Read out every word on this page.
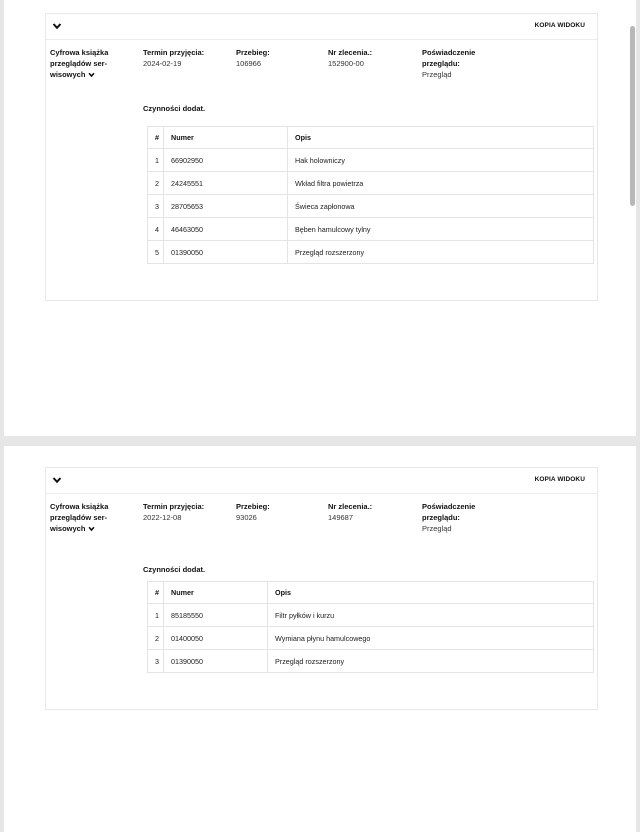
KOPIA WIDOKU
Cyfrowa książka przeglądów ser- wisowych
Termin przyjęcia:
2024-02-19
Przebieg:
106966
Nr zlecenia.:
152900-00
Poświadczenie przeglądu:
Przegląd
Czynności dodat.
#	Numer	Opis
1	66902950	Hak holowniczy
2	24245551	Wkład filtra powietrza
3	28705653	Świeca zapłonowa
4	46463050	Bęben hamulcowy tylny
5	01390050	Przegląd rozszerzony
KOPIA WIDOKU
Cyfrowa książka przeglądów ser- wisowych
Termin przyjęcia:
2022-12-08
Przebieg:
93026
Nr zlecenia.:
149687
Poświadczenie przeglądu:
Przegląd
Czynności dodat.
#	Numer	Opis
1	85185550	Filtr pyłków i kurzu
2	01400050	Wymiana płynu hamulcowego
3	01390050	Przegląd rozszerzony
